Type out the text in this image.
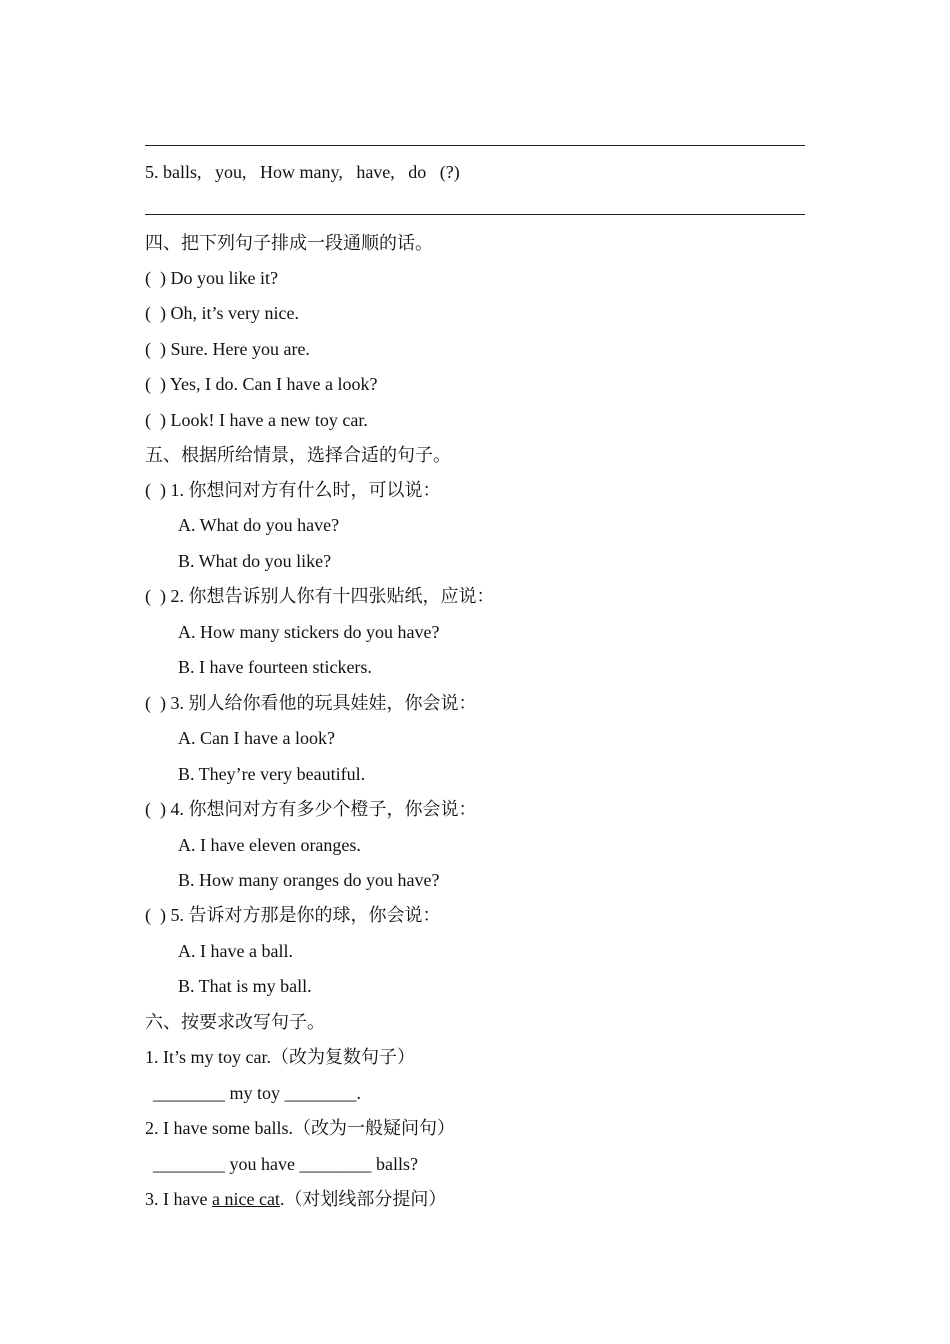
5. balls,   you,   How many,   have,   do   (?)
四、把下列句子排成一段通顺的话。
(  ) Do you like it?
(  ) Oh, it’s very nice.
(  ) Sure. Here you are.
(  ) Yes, I do. Can I have a look?
(  ) Look! I have a new toy car.
五、根据所给情景，选择合适的句子。
(  ) 1. 你想问对方有什么时，可以说：
A. What do you have?
B. What do you like?
(  ) 2. 你想告诉别人你有十四张贴纸，应说：
A. How many stickers do you have?
B. I have fourteen stickers.
(  ) 3. 别人给你看他的玩具娃娃，你会说：
A. Can I have a look?
B. They’re very beautiful.
(  ) 4. 你想问对方有多少个橙子，你会说：
A. I have eleven oranges.
B. How many oranges do you have?
(  ) 5. 告诉对方那是你的球，你会说：
A. I have a ball.
B. That is my ball.
六、按要求改写句子。
1. It’s my toy car.（改为复数句子）
________ my toy ________.
2. I have some balls.（改为一般疑问句）
________ you have ________ balls?
3. I have a nice cat.（对划线部分提问）
